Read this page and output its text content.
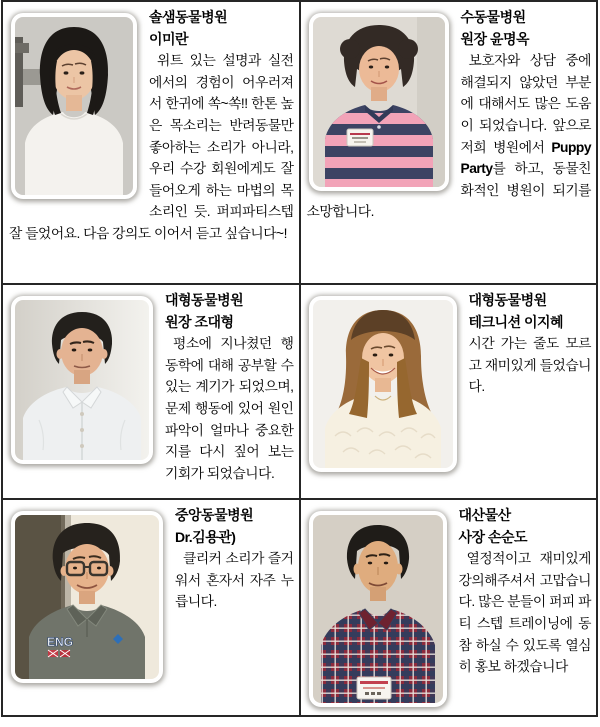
솔샘동물병원
이미란

위트 있는 설명과 실전에서의 경험이 어우러져서 한귀에 쏙~쏙!! 한톤 높은 목소리는 반려동물만 좋아하는 소리가 아니라, 우리 수강 회원에게도 잘 들어오게 하는 마법의 목소리인 듯. 퍼피파티스텝 잘 들었어요. 다음 강의도 이어서 듣고 싶습니다~!

수동물병원
원장 윤명옥

보호자와 상담 중에 해결되지 않았던 부분에 대해서도 많은 도움이 되었습니다. 앞으로 저희 병원에서 Puppy Party를 하고, 동물친화적인 병원이 되기를 소망합니다.

대형동물병원
원장 조대형

평소에 지나쳤던 행동학에 대해 공부할 수 있는 계기가 되었으며, 문제 행동에 있어 원인 파악이 얼마나 중요한지를 다시 짚어 보는 기회가 되었습니다.

대형동물병원
테크니션 이지혜

시간 가는 줄도 모르고 재미있게 들었습니다.

ENG
중앙동물병원
Dr.김용관)

클리커 소리가 즐거워서 혼자서 자주 누릅니다.

대산물산
사장 손순도

열정적이고 재미있게 강의해주셔서 고맙습니다. 많은 분들이 퍼피 파티 스텝 트레이닝에 동참 하실 수 있도록 열심히 홍보 하겠습니다
